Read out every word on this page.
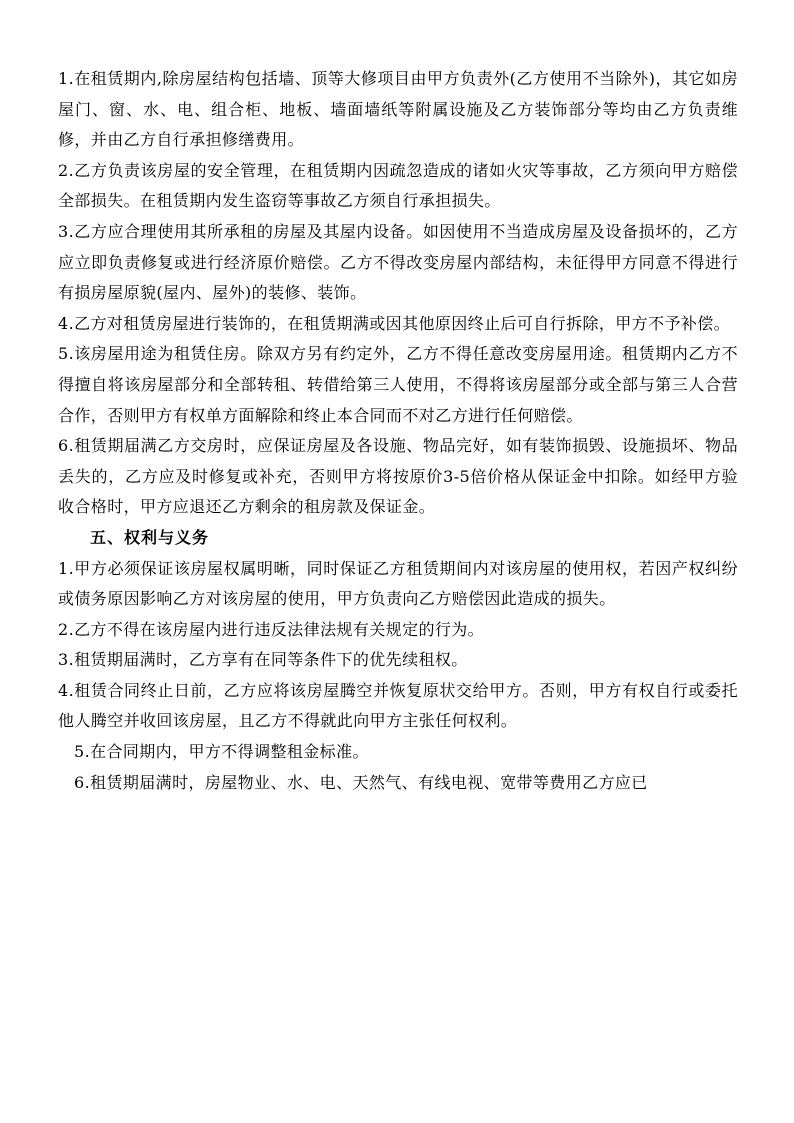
1.在租赁期内,除房屋结构包括墙、顶等大修项目由甲方负责外(乙方使用不当除外)，其它如房屋门、窗、水、电、组合柜、地板、墙面墙纸等附属设施及乙方装饰部分等均由乙方负责维修，并由乙方自行承担修缮费用。

2.乙方负责该房屋的安全管理，在租赁期内因疏忽造成的诸如火灾等事故，乙方须向甲方赔偿全部损失。在租赁期内发生盗窃等事故乙方须自行承担损失。

3.乙方应合理使用其所承租的房屋及其屋内设备。如因使用不当造成房屋及设备损坏的，乙方应立即负责修复或进行经济原价赔偿。乙方不得改变房屋内部结构，未征得甲方同意不得进行有损房屋原貌(屋内、屋外)的装修、装饰。

4.乙方对租赁房屋进行装饰的，在租赁期满或因其他原因终止后可自行拆除，甲方不予补偿。

5.该房屋用途为租赁住房。除双方另有约定外，乙方不得任意改变房屋用途。租赁期内乙方不得擅自将该房屋部分和全部转租、转借给第三人使用，不得将该房屋部分或全部与第三人合营合作，否则甲方有权单方面解除和终止本合同而不对乙方进行任何赔偿。

6.租赁期届满乙方交房时，应保证房屋及各设施、物品完好，如有装饰损毁、设施损坏、物品丢失的，乙方应及时修复或补充，否则甲方将按原价3-5倍价格从保证金中扣除。如经甲方验收合格时，甲方应退还乙方剩余的租房款及保证金。

五、权利与义务

1.甲方必须保证该房屋权属明晰，同时保证乙方租赁期间内对该房屋的使用权，若因产权纠纷或债务原因影响乙方对该房屋的使用，甲方负责向乙方赔偿因此造成的损失。

2.乙方不得在该房屋内进行违反法律法规有关规定的行为。

3.租赁期届满时，乙方享有在同等条件下的优先续租权。

4.租赁合同终止日前，乙方应将该房屋腾空并恢复原状交给甲方。否则，甲方有权自行或委托他人腾空并收回该房屋，且乙方不得就此向甲方主张任何权利。

5.在合同期内，甲方不得调整租金标准。

6.租赁期届满时，房屋物业、水、电、天然气、有线电视、宽带等费用乙方应已
